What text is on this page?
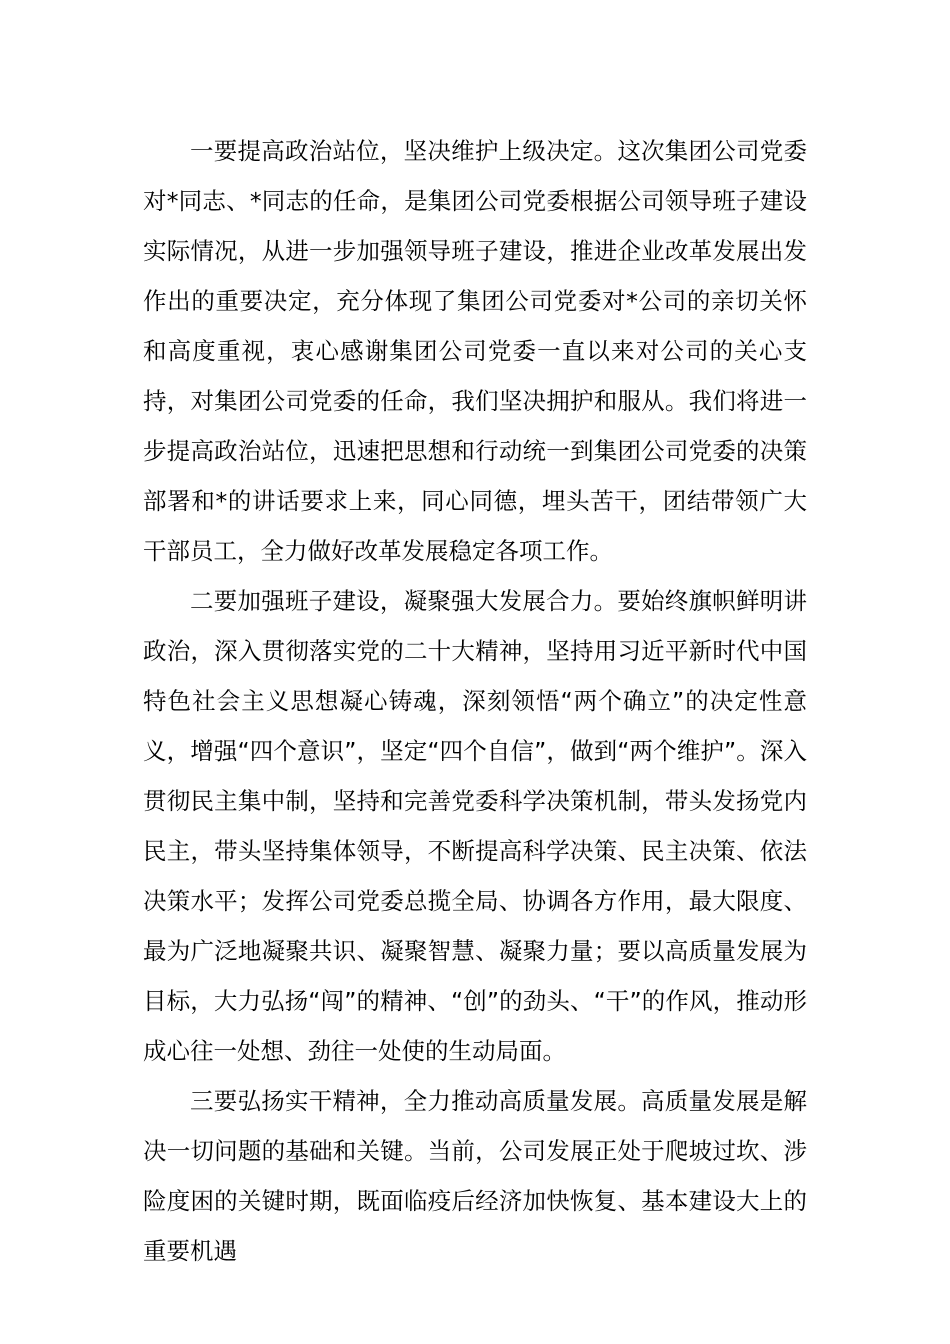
一要提高政治站位，坚决维护上级决定。这次集团公司党委对*同志、*同志的任命，是集团公司党委根据公司领导班子建设实际情况，从进一步加强领导班子建设，推进企业改革发展出发作出的重要决定，充分体现了集团公司党委对*公司的亲切关怀和高度重视，衷心感谢集团公司党委一直以来对公司的关心支持，对集团公司党委的任命，我们坚决拥护和服从。我们将进一步提高政治站位，迅速把思想和行动统一到集团公司党委的决策部署和*的讲话要求上来，同心同德，埋头苦干，团结带领广大干部员工，全力做好改革发展稳定各项工作。

二要加强班子建设，凝聚强大发展合力。要始终旗帜鲜明讲政治，深入贯彻落实党的二十大精神，坚持用习近平新时代中国特色社会主义思想凝心铸魂，深刻领悟“两个确立”的决定性意义，增强“四个意识”，坚定“四个自信”，做到“两个维护”。深入贯彻民主集中制，坚持和完善党委科学决策机制，带头发扬党内民主，带头坚持集体领导，不断提高科学决策、民主决策、依法决策水平；发挥公司党委总揽全局、协调各方作用，最大限度、最为广泛地凝聚共识、凝聚智慧、凝聚力量；要以高质量发展为目标，大力弘扬“闯”的精神、“创”的劲头、“干”的作风，推动形成心往一处想、劲往一处使的生动局面。

三要弘扬实干精神，全力推动高质量发展。高质量发展是解决一切问题的基础和关键。当前，公司发展正处于爬坡过坎、涉险度困的关键时期，既面临疫后经济加快恢复、基本建设大上的重要机遇
